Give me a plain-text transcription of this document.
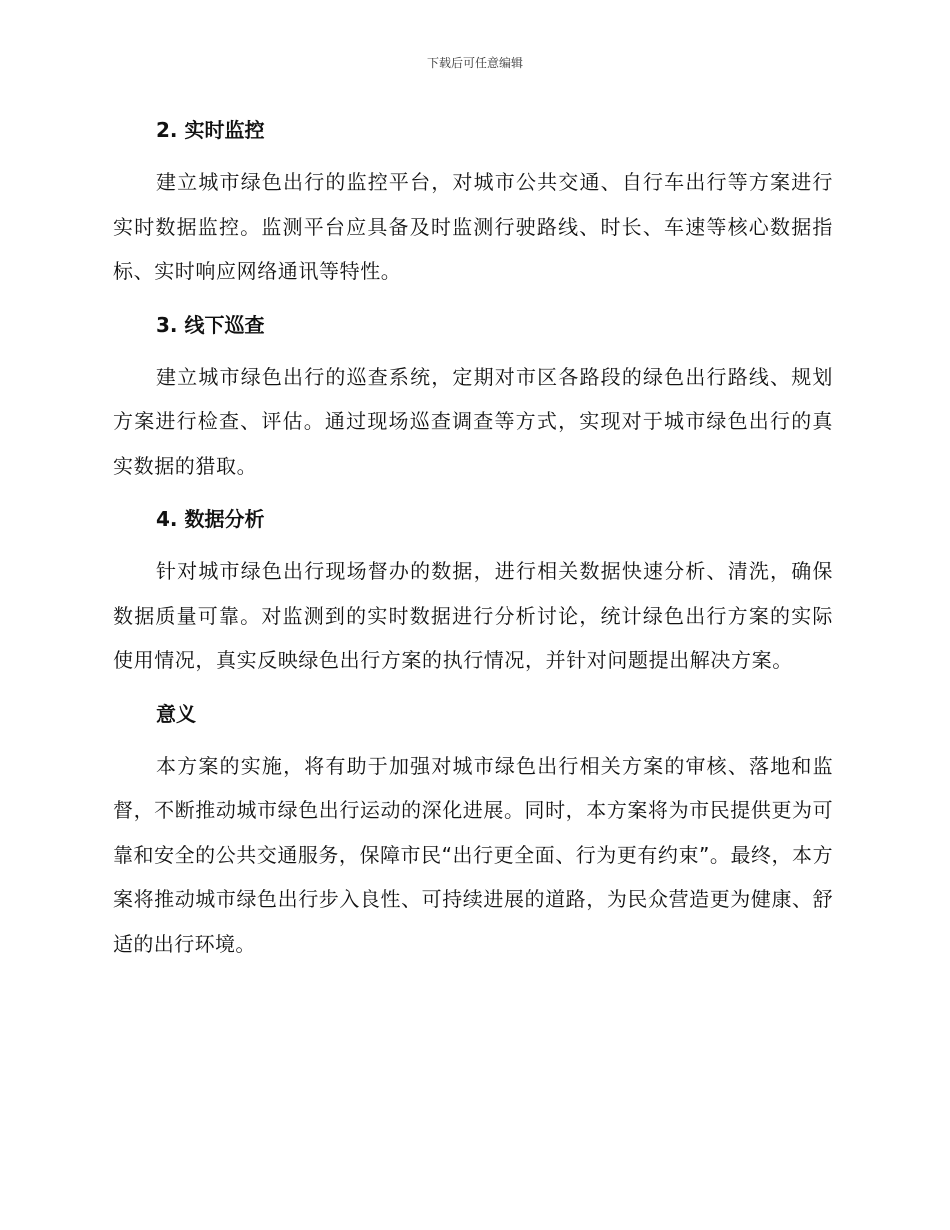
下载后可任意编辑
2. 实时监控

建立城市绿色出行的监控平台，对城市公共交通、自行车出行等方案进行实时数据监控。监测平台应具备及时监测行驶路线、时长、车速等核心数据指标、实时响应网络通讯等特性。

3. 线下巡查

建立城市绿色出行的巡查系统，定期对市区各路段的绿色出行路线、规划方案进行检查、评估。通过现场巡查调查等方式，实现对于城市绿色出行的真实数据的猎取。

4. 数据分析

针对城市绿色出行现场督办的数据，进行相关数据快速分析、清洗，确保数据质量可靠。对监测到的实时数据进行分析讨论，统计绿色出行方案的实际使用情况，真实反映绿色出行方案的执行情况，并针对问题提出解决方案。

意义

本方案的实施，将有助于加强对城市绿色出行相关方案的审核、落地和监督，不断推动城市绿色出行运动的深化进展。同时，本方案将为市民提供更为可靠和安全的公共交通服务，保障市民“出行更全面、行为更有约束”。最终，本方案将推动城市绿色出行步入良性、可持续进展的道路，为民众营造更为健康、舒适的出行环境。
